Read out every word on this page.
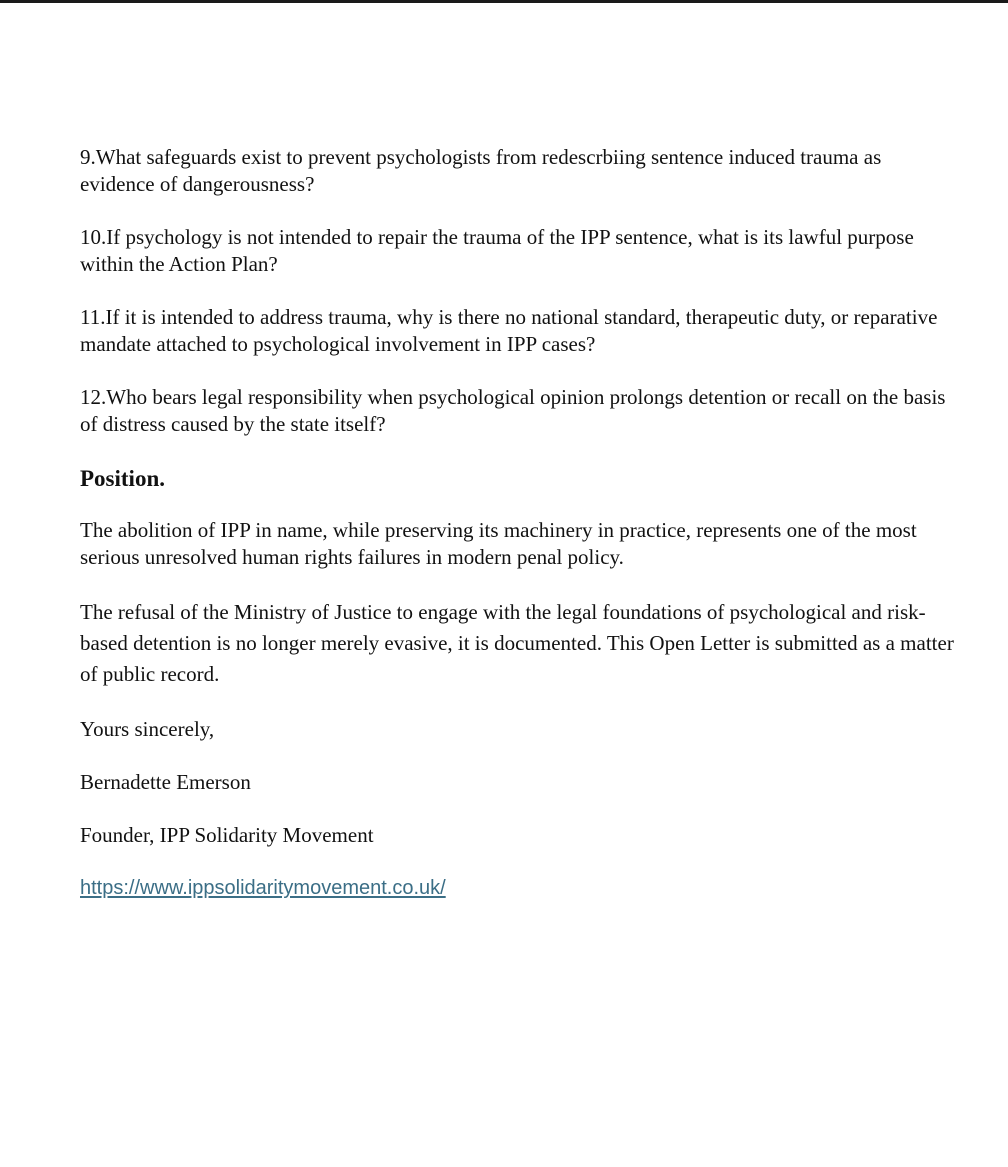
9.What safeguards exist to prevent psychologists from redescrbiing sentence induced trauma as evidence of dangerousness?

10.If psychology is not intended to repair the trauma of the IPP sentence, what is its lawful purpose within the Action Plan?

11.If it is intended to address trauma, why is there no national standard, therapeutic duty, or reparative mandate attached to psychological involvement in IPP cases?

12.Who bears legal responsibility when psychological opinion prolongs detention or recall on the basis of distress caused by the state itself?

Position.

The abolition of IPP in name, while preserving its machinery in practice, represents one of the most serious unresolved human rights failures in modern penal policy.

The refusal of the Ministry of Justice to engage with the legal foundations of psychological and risk-based detention is no longer merely evasive, it is documented. This Open Letter is submitted as a matter of public record.

Yours sincerely,

Bernadette Emerson

Founder, IPP Solidarity Movement

https://www.ippsolidaritymovement.co.uk/
